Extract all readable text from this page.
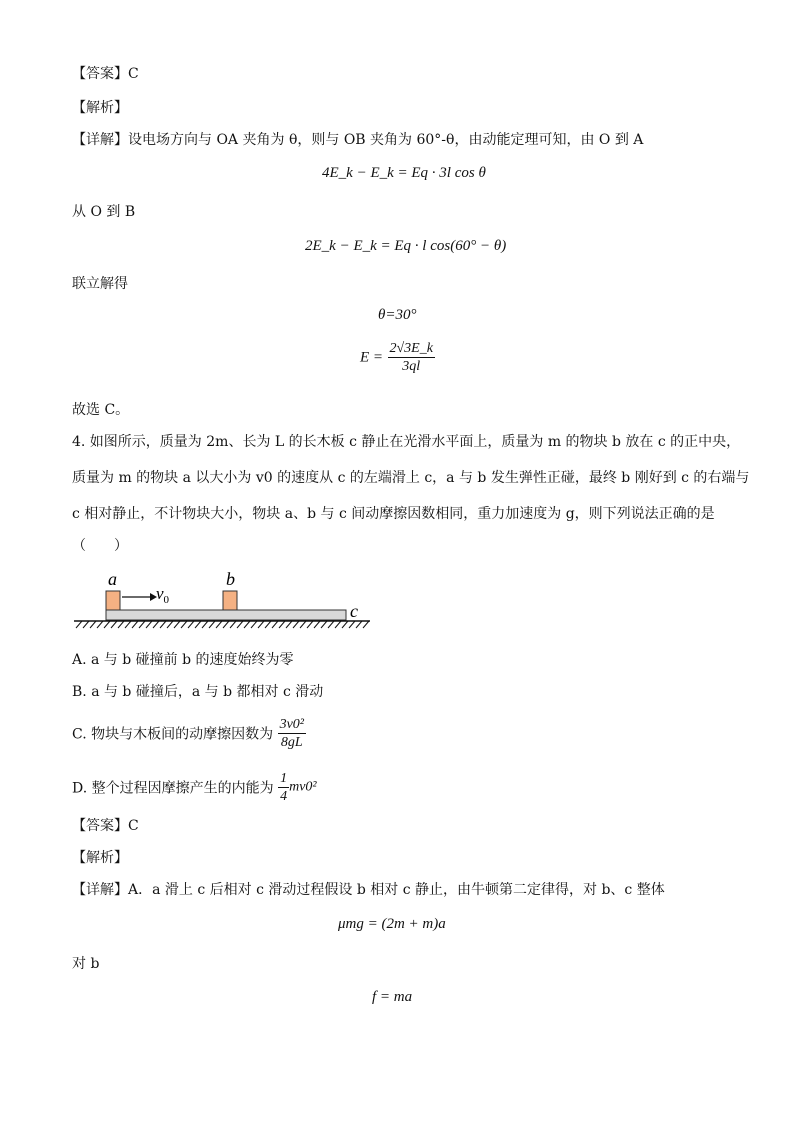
【答案】C
【解析】
【详解】设电场方向与 OA 夹角为 θ，则与 OB 夹角为 60°-θ，由动能定理可知，由 O 到 A
4E_k − E_k = Eq · 3l cos θ
从 O 到 B
2E_k − E_k = Eq · l cos(60° − θ)
联立解得
θ=30°
$E = \frac{2√3E\_k}{3ql}$
故选 C。
4. 如图所示，质量为 2m、长为 L 的长木板 c 静止在光滑水平面上，质量为 m 的物块 b 放在 c 的正中央，
质量为 m 的物块 a 以大小为 v0 的速度从 c 的左端滑上 c，a 与 b 发生弹性正碰，最终 b 刚好到 c 的右端与
c 相对静止，不计物块大小，物块 a、b 与 c 间动摩擦因数相同，重力加速度为 g，则下列说法正确的是
（　　）
a	b
c
$v_0$
A. a 与 b 碰撞前 b 的速度始终为零
B. a 与 b 碰撞后，a 与 b 都相对 c 滑动
C. 物块与木板间的动摩擦因数为 $\frac{\text{3v0²}}{8gL}$
D. 整个过程因摩擦产生的内能为 $\frac{1}{4} mv0^2$
【答案】C
【解析】
【详解】A．a 滑上 c 后相对 c 滑动过程假设 b 相对 c 静止，由牛顿第二定律得，对 b、c 整体
μmg = (2m + m)a
对 b
f = ma
